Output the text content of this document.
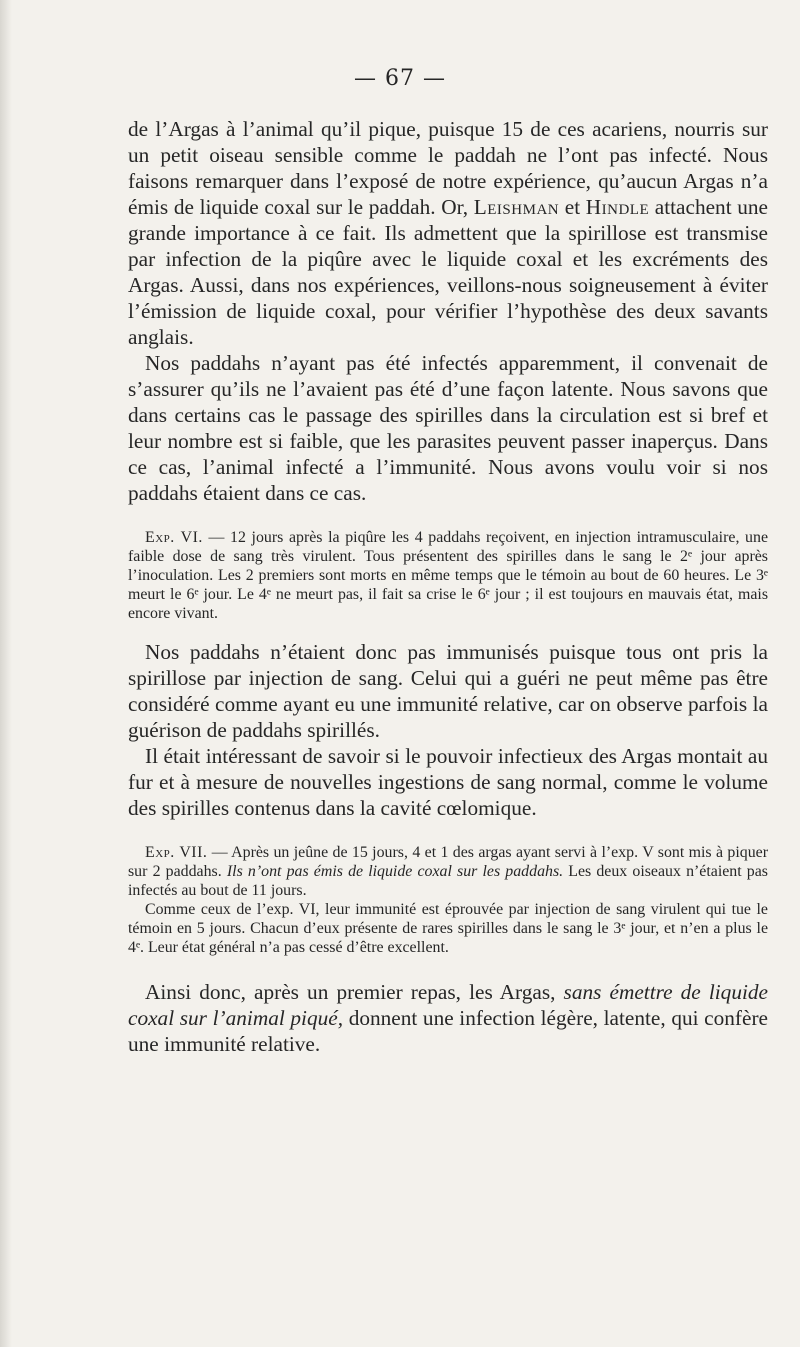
— 67 —

de l’Argas à l’animal qu’il pique, puisque 15 de ces acariens, nourris sur un petit oiseau sensible comme le paddah ne l’ont pas infecté. Nous faisons remarquer dans l’exposé de notre expérience, qu’aucun Argas n’a émis de liquide coxal sur le paddah. Or, Leishman et Hindle attachent une grande importance à ce fait. Ils admettent que la spirillose est transmise par infection de la piqûre avec le liquide coxal et les excréments des Argas. Aussi, dans nos expériences, veillons-nous soigneusement à éviter l’émission de liquide coxal, pour vérifier l’hypothèse des deux savants anglais.

Nos paddahs n’ayant pas été infectés apparemment, il convenait de s’assurer qu’ils ne l’avaient pas été d’une façon latente. Nous savons que dans certains cas le passage des spirilles dans la circulation est si bref et leur nombre est si faible, que les parasites peuvent passer inaperçus. Dans ce cas, l’animal infecté a l’immunité. Nous avons voulu voir si nos paddahs étaient dans ce cas.

Exp. VI. — 12 jours après la piqûre les 4 paddahs reçoivent, en injection intramusculaire, une faible dose de sang très virulent. Tous présentent des spirilles dans le sang le 2ᵉ jour après l’inoculation. Les 2 premiers sont morts en même temps que le témoin au bout de 60 heures. Le 3ᵉ meurt le 6ᵉ jour. Le 4ᵉ ne meurt pas, il fait sa crise le 6ᵉ jour ; il est toujours en mauvais état, mais encore vivant.

Nos paddahs n’étaient donc pas immunisés puisque tous ont pris la spirillose par injection de sang. Celui qui a guéri ne peut même pas être considéré comme ayant eu une immunité relative, car on observe parfois la guérison de paddahs spirillés.

Il était intéressant de savoir si le pouvoir infectieux des Argas montait au fur et à mesure de nouvelles ingestions de sang normal, comme le volume des spirilles contenus dans la cavité cœlomique.

Exp. VII. — Après un jeûne de 15 jours, 4 et 1 des argas ayant servi à l’exp. V sont mis à piquer sur 2 paddahs. Ils n’ont pas émis de liquide coxal sur les paddahs. Les deux oiseaux n’étaient pas infectés au bout de 11 jours.

Comme ceux de l’exp. VI, leur immunité est éprouvée par injection de sang virulent qui tue le témoin en 5 jours. Chacun d’eux présente de rares spirilles dans le sang le 3ᵉ jour, et n’en a plus le 4ᵉ. Leur état général n’a pas cessé d’être excellent.

Ainsi donc, après un premier repas, les Argas, sans émettre de liquide coxal sur l’animal piqué, donnent une infection légère, latente, qui confère une immunité relative.
